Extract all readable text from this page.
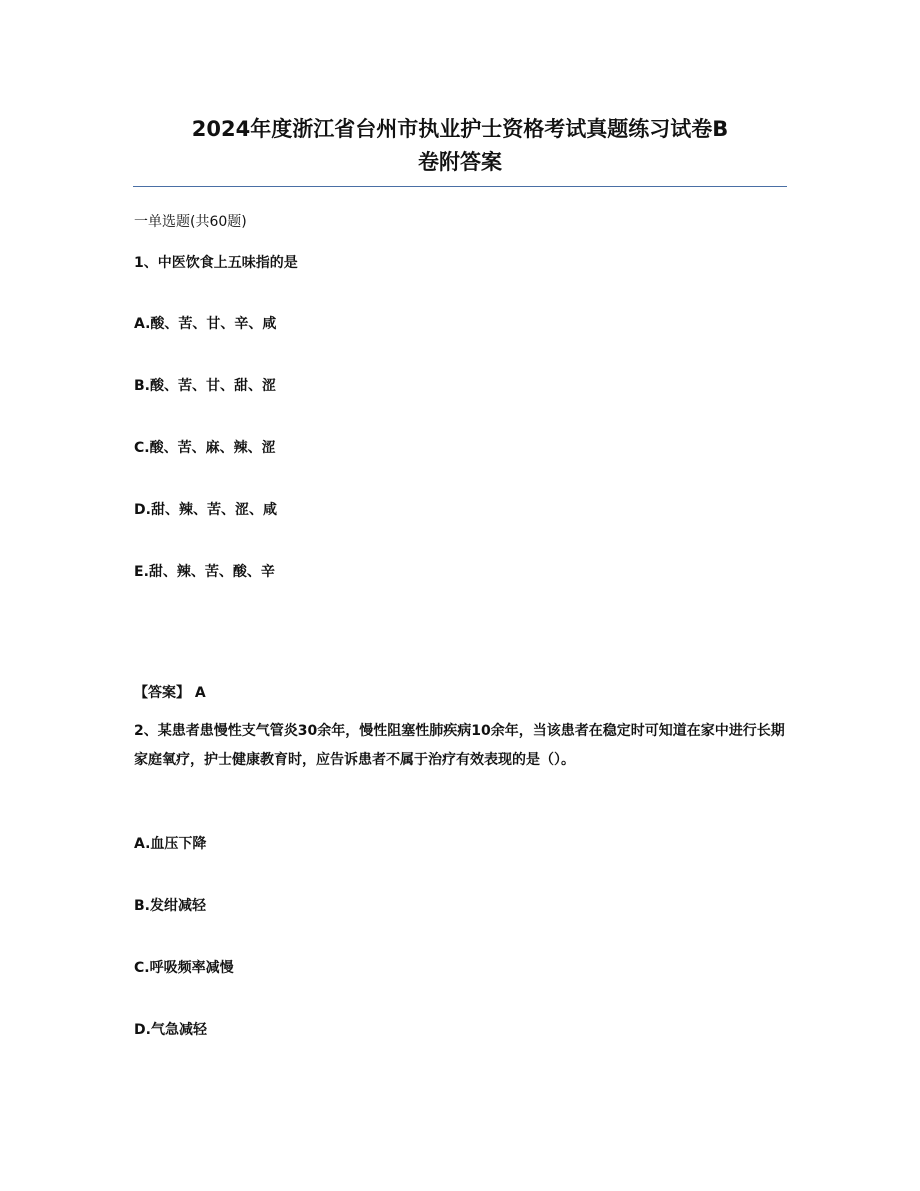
2024年度浙江省台州市执业护士资格考试真题练习试卷B
卷附答案
一单选题(共60题)
1、中医饮食上五味指的是
A.酸、苦、甘、辛、咸
B.酸、苦、甘、甜、涩
C.酸、苦、麻、辣、涩
D.甜、辣、苦、涩、咸
E.甜、辣、苦、酸、辛
【答案】 A
2、某患者患慢性支气管炎30余年，慢性阻塞性肺疾病10余年，当该患者在稳定时可知道在家中进行长期家庭氧疗，护士健康教育时，应告诉患者不属于治疗有效表现的是（）。
A.血压下降
B.发绀减轻
C.呼吸频率减慢
D.气急减轻
